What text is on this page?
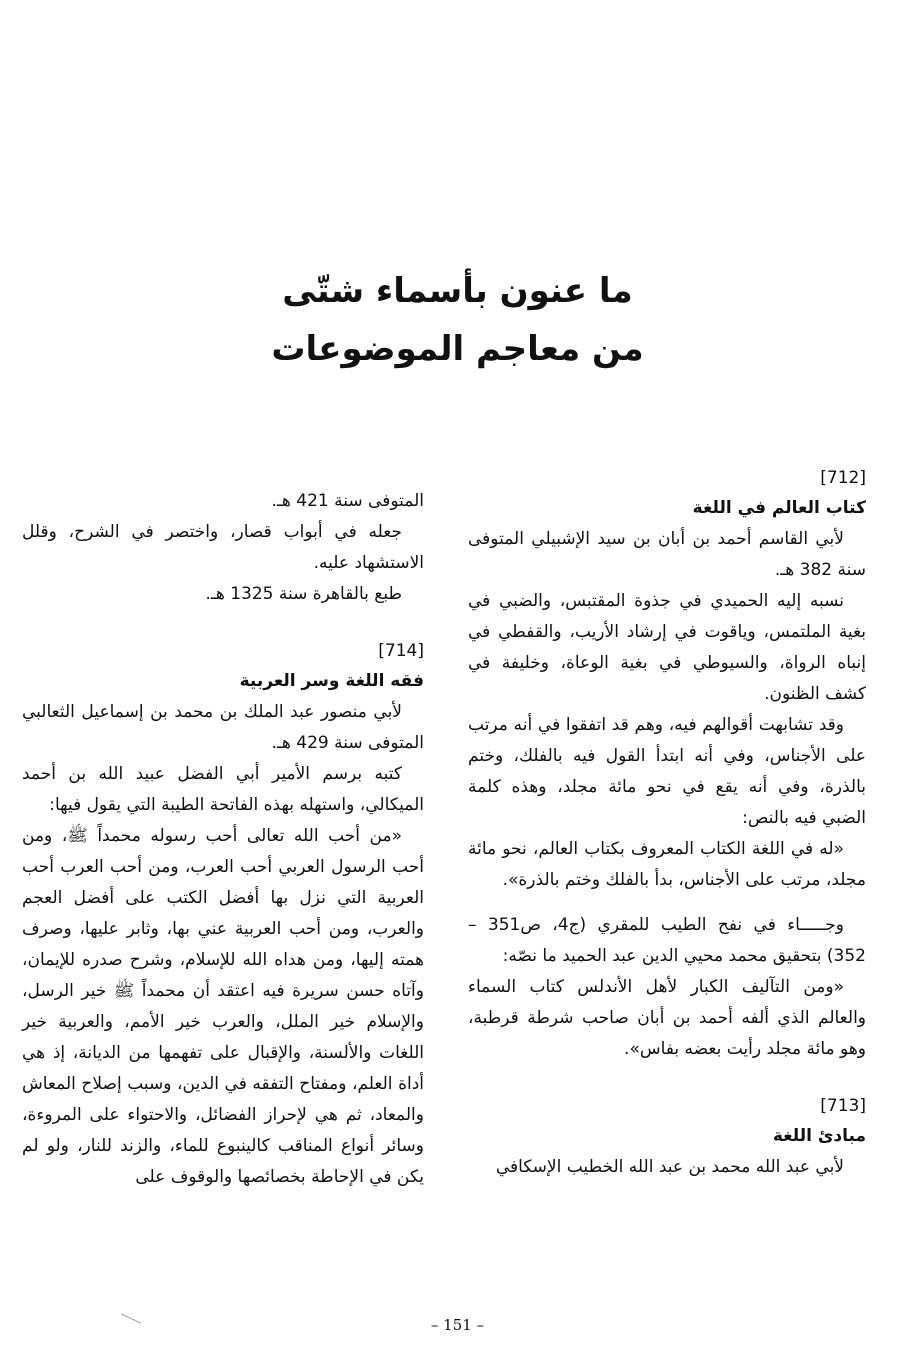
ما عنون بأسماء شتّى
من معاجم الموضوعات
[712]
كتاب العالم في اللغة

لأبي القاسم أحمد بن أبان بن سيد الإشبيلي المتوفى سنة 382 هـ.

نسبه إليه الحميدي في جذوة المقتبس، والضبي في بغية الملتمس، وياقوت في إرشاد الأريب، والقفطي في إنباه الرواة، والسيوطي في بغية الوعاة، وخليفة في كشف الظنون.

وقد تشابهت أقوالهم فيه، وهم قد اتفقوا في أنه مرتب على الأجناس، وفي أنه ابتدأ القول فيه بالفلك، وختم بالذرة، وفي أنه يقع في نحو مائة مجلد، وهذه كلمة الضبي فيه بالنص:

«له في اللغة الكتاب المعروف بكتاب العالم، نحو مائة مجلد، مرتب على الأجناس، بدأ بالفلك وختم بالذرة».

وجـــــاء في نفح الطيب للمقري (ج4، ص351 – 352) بتحقيق محمد محيي الدين عبد الحميد ما نصّه:

«ومن التآليف الكبار لأهل الأندلس كتاب السماء والعالم الذي ألفه أحمد بن أبان صاحب شرطة قرطبة، وهو مائة مجلد رأيت بعضه بفاس».

[713]
مبادئ اللغة

لأبي عبد الله محمد بن عبد الله الخطيب الإسكافي

المتوفى سنة 421 هـ.

جعله في أبواب قصار، واختصر في الشرح، وقلل الاستشهاد عليه.

طبع بالقاهرة سنة 1325 هـ.

[714]
فقه اللغة وسر العربية

لأبي منصور عبد الملك بن محمد بن إسماعيل الثعالبي المتوفى سنة 429 هـ.

كتبه برسم الأمير أبي الفضل عبيد الله بن أحمد الميكالي، واستهله بهذه الفاتحة الطيبة التي يقول فيها:

«من أحب الله تعالى أحب رسوله محمداً ﷺ، ومن أحب الرسول العربي أحب العرب، ومن أحب العرب أحب العربية التي نزل بها أفضل الكتب على أفضل العجم والعرب، ومن أحب العربية عني بها، وثابر عليها، وصرف همته إليها، ومن هداه الله للإسلام، وشرح صدره للإيمان، وآتاه حسن سريرة فيه اعتقد أن محمداً ﷺ خير الرسل، والإسلام خير الملل، والعرب خير الأمم، والعربية خير اللغات والألسنة، والإقبال على تفهمها من الديانة، إذ هي أداة العلم، ومفتاح التفقه في الدين، وسبب إصلاح المعاش والمعاد، ثم هي لإحراز الفضائل، والاحتواء على المروءة، وسائر أنواع المناقب كالينبوع للماء، والزند للنار، ولو لم يكن في الإحاطة بخصائصها والوقوف على

– 151 –
